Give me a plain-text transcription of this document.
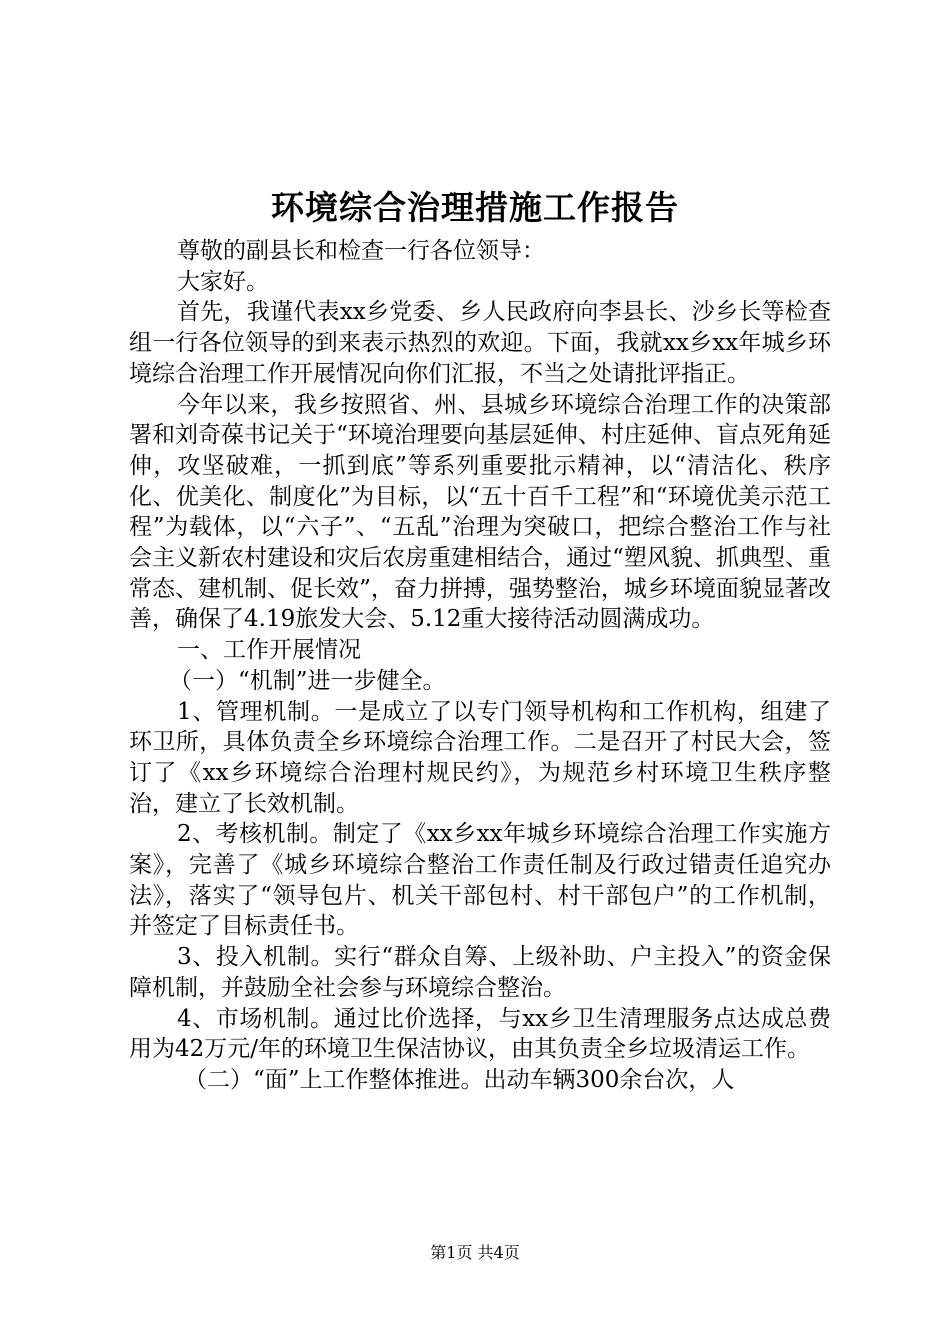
环境综合治理措施工作报告

尊敬的副县长和检查一行各位领导：

大家好。

首先，我谨代表xx乡党委、乡人民政府向李县长、沙乡长等检查组一行各位领导的到来表示热烈的欢迎。下面，我就xx乡xx年城乡环境综合治理工作开展情况向你们汇报，不当之处请批评指正。

今年以来，我乡按照省、州、县城乡环境综合治理工作的决策部署和刘奇葆书记关于“环境治理要向基层延伸、村庄延伸、盲点死角延伸，攻坚破难，一抓到底”等系列重要批示精神，以“清洁化、秩序化、优美化、制度化”为目标，以“五十百千工程”和“环境优美示范工程”为载体，以“六子”、“五乱”治理为突破口，把综合整治工作与社会主义新农村建设和灾后农房重建相结合，通过“塑风貌、抓典型、重常态、建机制、促长效”，奋力拼搏，强势整治，城乡环境面貌显著改善，确保了4.19旅发大会、5.12重大接待活动圆满成功。

一、工作开展情况

（一）“机制”进一步健全。

1、管理机制。一是成立了以专门领导机构和工作机构，组建了环卫所，具体负责全乡环境综合治理工作。二是召开了村民大会，签订了《xx乡环境综合治理村规民约》，为规范乡村环境卫生秩序整治，建立了长效机制。

2、考核机制。制定了《xx乡xx年城乡环境综合治理工作实施方案》，完善了《城乡环境综合整治工作责任制及行政过错责任追究办法》，落实了“领导包片、机关干部包村、村干部包户”的工作机制，并签定了目标责任书。

3、投入机制。实行“群众自筹、上级补助、户主投入”的资金保障机制，并鼓励全社会参与环境综合整治。

4、市场机制。通过比价选择，与xx乡卫生清理服务点达成总费用为42万元/年的环境卫生保洁协议，由其负责全乡垃圾清运工作。

（二）“面”上工作整体推进。出动车辆300余台次，人

第1页 共4页
